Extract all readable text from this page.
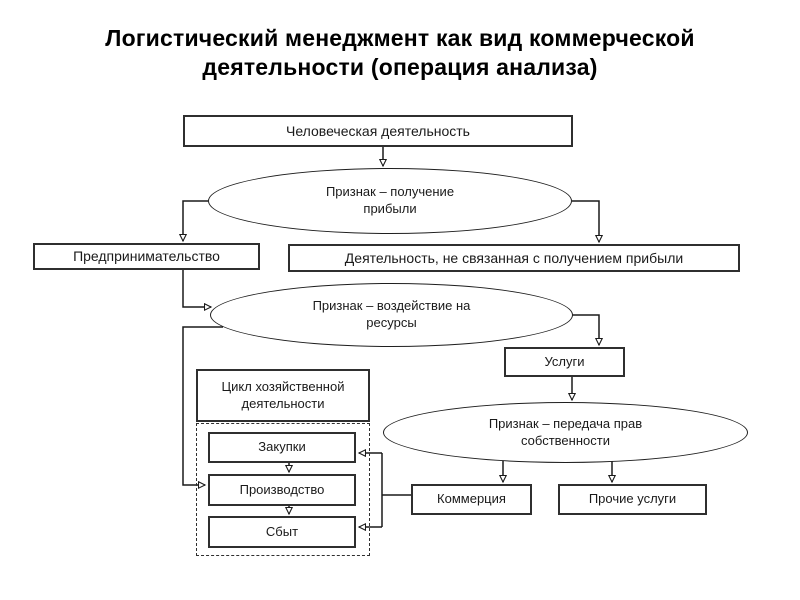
Логистический менеджмент как вид коммерческой деятельности (операция анализа)
Человеческая деятельность
Признак – получение прибыли
Предпринимательство	Деятельность, не связанная с получением прибыли
Признак – воздействие на ресурсы
Услуги
Цикл хозяйственной деятельности
Закупки
Производство
Сбыт
Признак – передача прав собственности
Коммерция	Прочие услуги
